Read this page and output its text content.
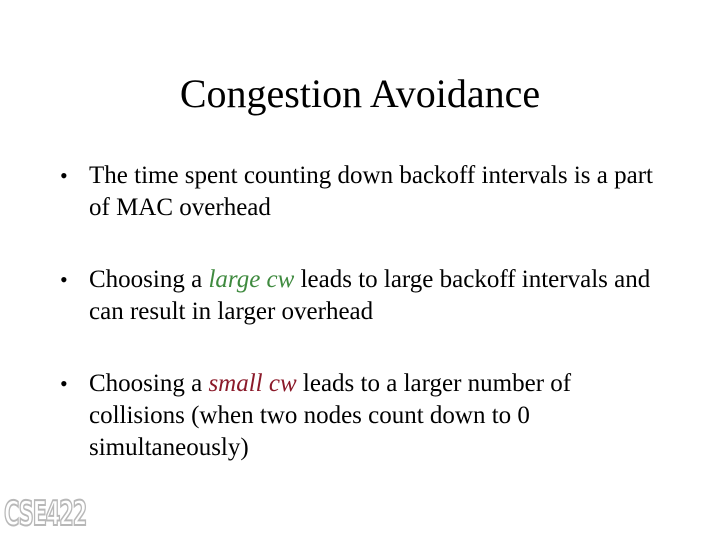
Congestion Avoidance
• The time spent counting down backoff intervals is a part of MAC overhead
• Choosing a large cw leads to large backoff intervals and can result in larger overhead
• Choosing a small cw leads to a larger number of collisions (when two nodes count down to 0 simultaneously)
CSE422
